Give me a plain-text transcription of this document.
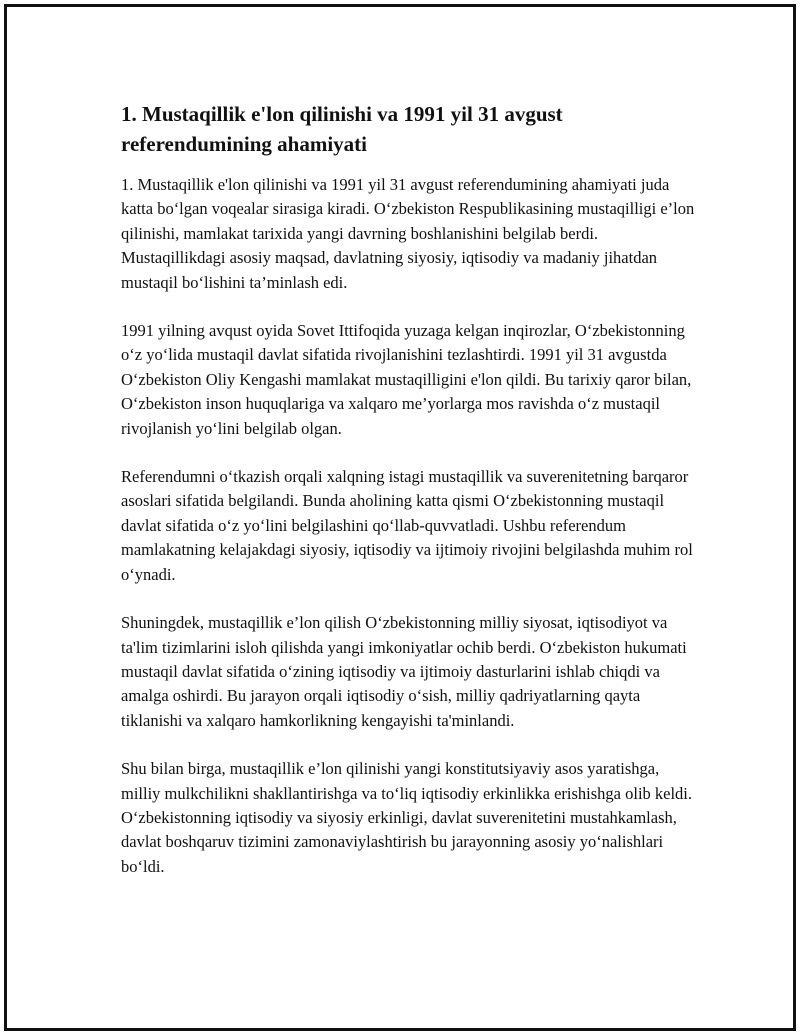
1. Mustaqillik e'lon qilinishi va 1991 yil 31 avgust referendumining ahamiyati

1. Mustaqillik e'lon qilinishi va 1991 yil 31 avgust referendumining ahamiyati juda katta bo‘lgan voqealar sirasiga kiradi. O‘zbekiston Respublikasining mustaqilligi e’lon qilinishi, mamlakat tarixida yangi davrning boshlanishini belgilab berdi. Mustaqillikdagi asosiy maqsad, davlatning siyosiy, iqtisodiy va madaniy jihatdan mustaqil bo‘lishini ta’minlash edi.

1991 yilning avqust oyida Sovet Ittifoqida yuzaga kelgan inqirozlar, O‘zbekistonning o‘z yo‘lida mustaqil davlat sifatida rivojlanishini tezlashtirdi. 1991 yil 31 avgustda O‘zbekiston Oliy Kengashi mamlakat mustaqilligini e'lon qildi. Bu tarixiy qaror bilan, O‘zbekiston inson huquqlariga va xalqaro me’yorlarga mos ravishda o‘z mustaqil rivojlanish yo‘lini belgilab olgan.

Referendumni o‘tkazish orqali xalqning istagi mustaqillik va suverenitetning barqaror asoslari sifatida belgilandi. Bunda aholining katta qismi O‘zbekistonning mustaqil davlat sifatida o‘z yo‘lini belgilashini qo‘llab-quvvatladi. Ushbu referendum mamlakatning kelajakdagi siyosiy, iqtisodiy va ijtimoiy rivojini belgilashda muhim rol o‘ynadi.

Shuningdek, mustaqillik e’lon qilish O‘zbekistonning milliy siyosat, iqtisodiyot va ta'lim tizimlarini isloh qilishda yangi imkoniyatlar ochib berdi. O‘zbekiston hukumati mustaqil davlat sifatida o‘zining iqtisodiy va ijtimoiy dasturlarini ishlab chiqdi va amalga oshirdi. Bu jarayon orqali iqtisodiy o‘sish, milliy qadriyatlarning qayta tiklanishi va xalqaro hamkorlikning kengayishi ta'minlandi.

Shu bilan birga, mustaqillik e’lon qilinishi yangi konstitutsiyaviy asos yaratishga, milliy mulkchilikni shakllantirishga va to‘liq iqtisodiy erkinlikka erishishga olib keldi. O‘zbekistonning iqtisodiy va siyosiy erkinligi, davlat suverenitetini mustahkamlash, davlat boshqaruv tizimini zamonaviylashtirish bu jarayonning asosiy yo‘nalishlari bo‘ldi.
